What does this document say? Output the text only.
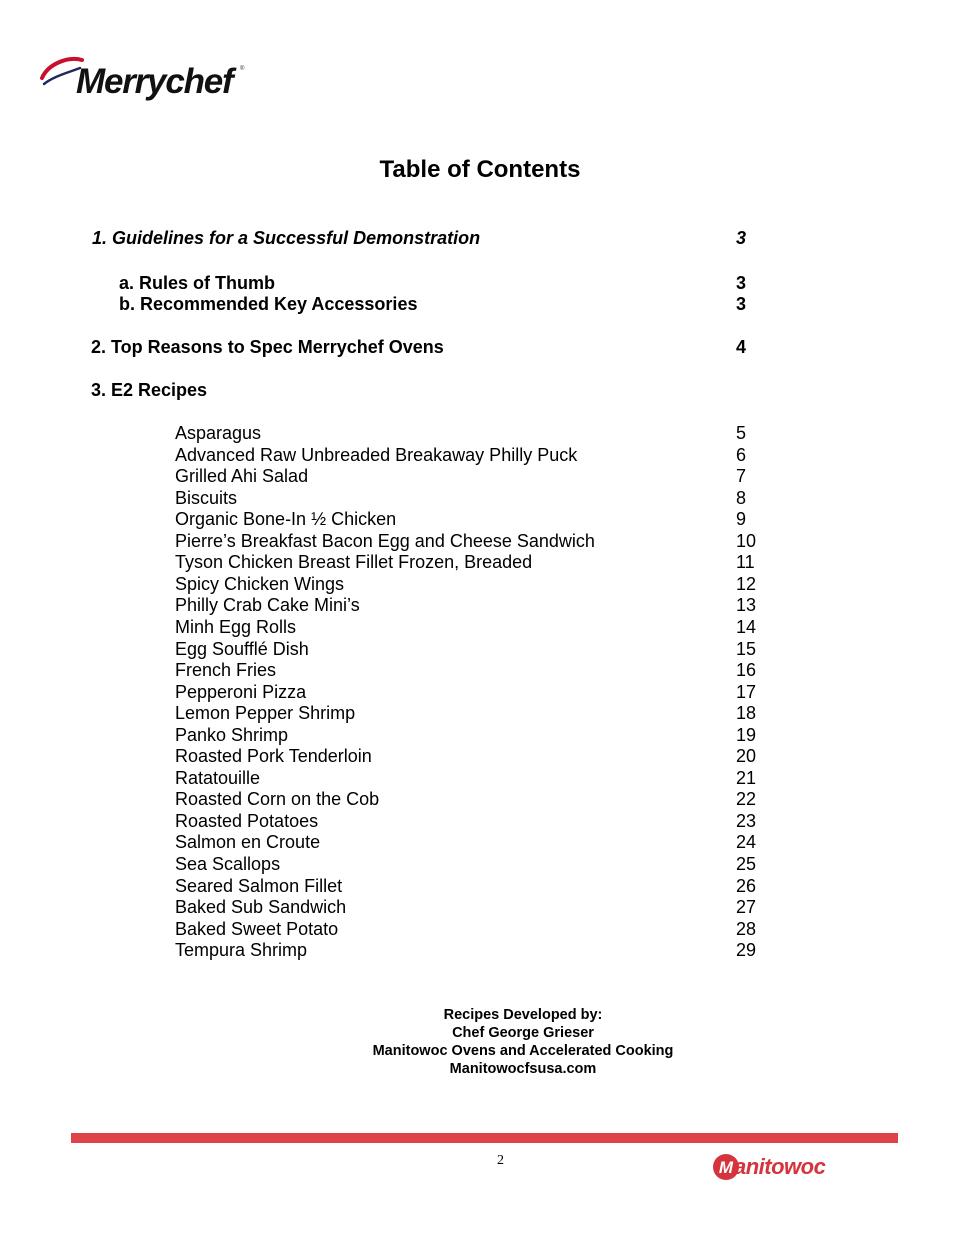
Merrychef ®
Table of Contents
1. Guidelines for a Successful Demonstration	3
a. Rules of Thumb	3
b. Recommended Key Accessories	3
2. Top Reasons to Spec Merrychef Ovens	4
3. E2 Recipes
Asparagus	5
Advanced Raw Unbreaded Breakaway Philly Puck	6
Grilled Ahi Salad	7
Biscuits	8
Organic Bone-In ½ Chicken	9
Pierre’s Breakfast Bacon Egg and Cheese Sandwich	10
Tyson Chicken Breast Fillet Frozen, Breaded	11
Spicy Chicken Wings	12
Philly Crab Cake Mini’s	13
Minh Egg Rolls	14
Egg Soufflé Dish	15
French Fries	16
Pepperoni Pizza	17
Lemon Pepper Shrimp	18
Panko Shrimp	19
Roasted Pork Tenderloin	20
Ratatouille	21
Roasted Corn on the Cob	22
Roasted Potatoes	23
Salmon en Croute	24
Sea Scallops	25
Seared Salmon Fillet	26
Baked Sub Sandwich	27
Baked Sweet Potato	28
Tempura Shrimp	29
Recipes Developed by:
Chef George Grieser
Manitowoc Ovens and Accelerated Cooking
Manitowocfsusa.com
2	M anitowoc
